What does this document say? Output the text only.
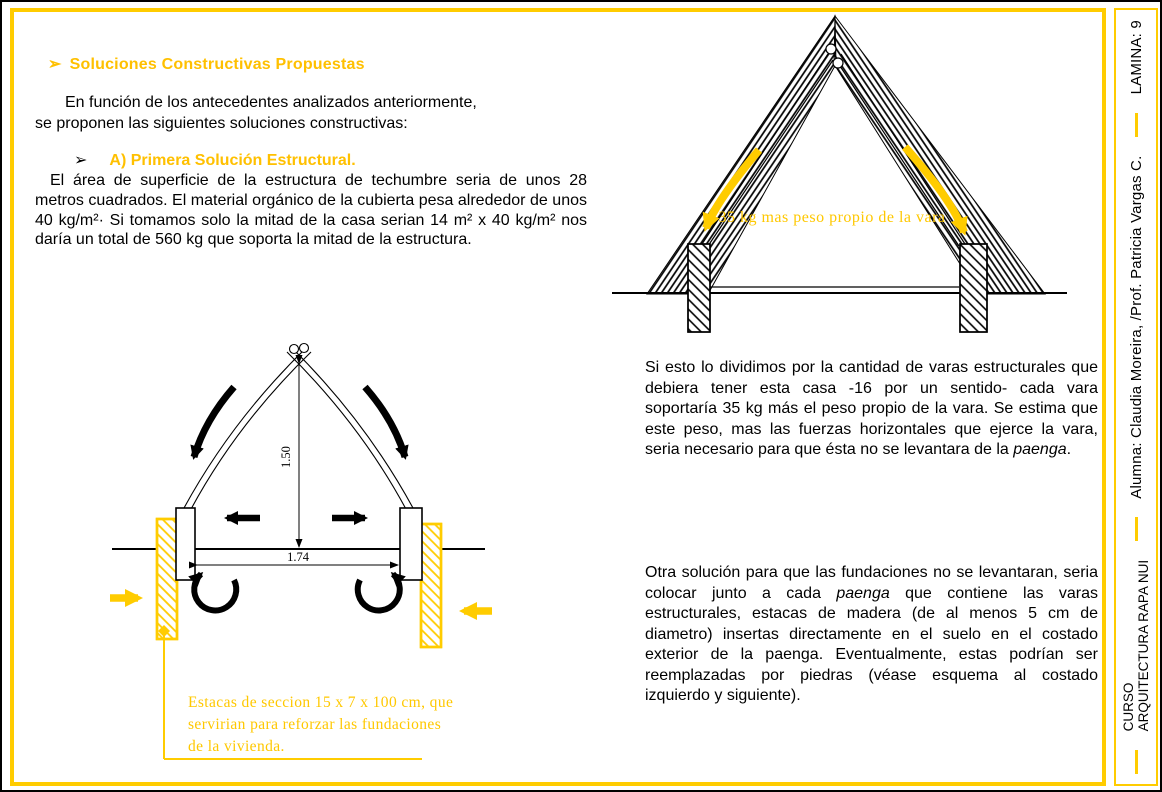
➢ Soluciones Constructivas Propuestas
En función de los antecedentes analizados anteriormente,
se proponen las siguientes soluciones constructivas:
➢ A) Primera Solución Estructural.
El área de superficie de la estructura de techumbre seria de unos 28 metros cuadrados. El material orgánico de la cubierta pesa alrededor de unos 40 kg/m²· Si tomamos solo la mitad de la casa serian 14 m² x 40 kg/m² nos daría un total de 560 kg que soporta la mitad de la estructura.
Si esto lo dividimos por la cantidad de varas estructurales que debiera tener esta casa -16 por un sentido- cada vara soportaría 35 kg más el peso propio de la vara. Se estima que este peso, mas las fuerzas horizontales que ejerce la vara, seria necesario para que ésta no se levantara de la paenga.
Otra solución para que las fundaciones no se levantaran, seria colocar junto a cada paenga que contiene las varas estructurales, estacas de madera (de al menos 5 cm de diametro) insertas directamente en el suelo en el costado exterior de la paenga. Eventualmente, estas podrían ser reemplazadas por piedras (véase esquema al costado izquierdo y siguiente).
35 kg mas peso propio de la vara
1.50
1.74
Estacas de seccion 15 x 7 x 100 cm, que servirian para reforzar las fundaciones de la vivienda.
CURSO ARQUITECTURA RAPA NUI
Alumna: Claudia Moreira, /Prof. Patricia Vargas C.
LAMINA: 9
